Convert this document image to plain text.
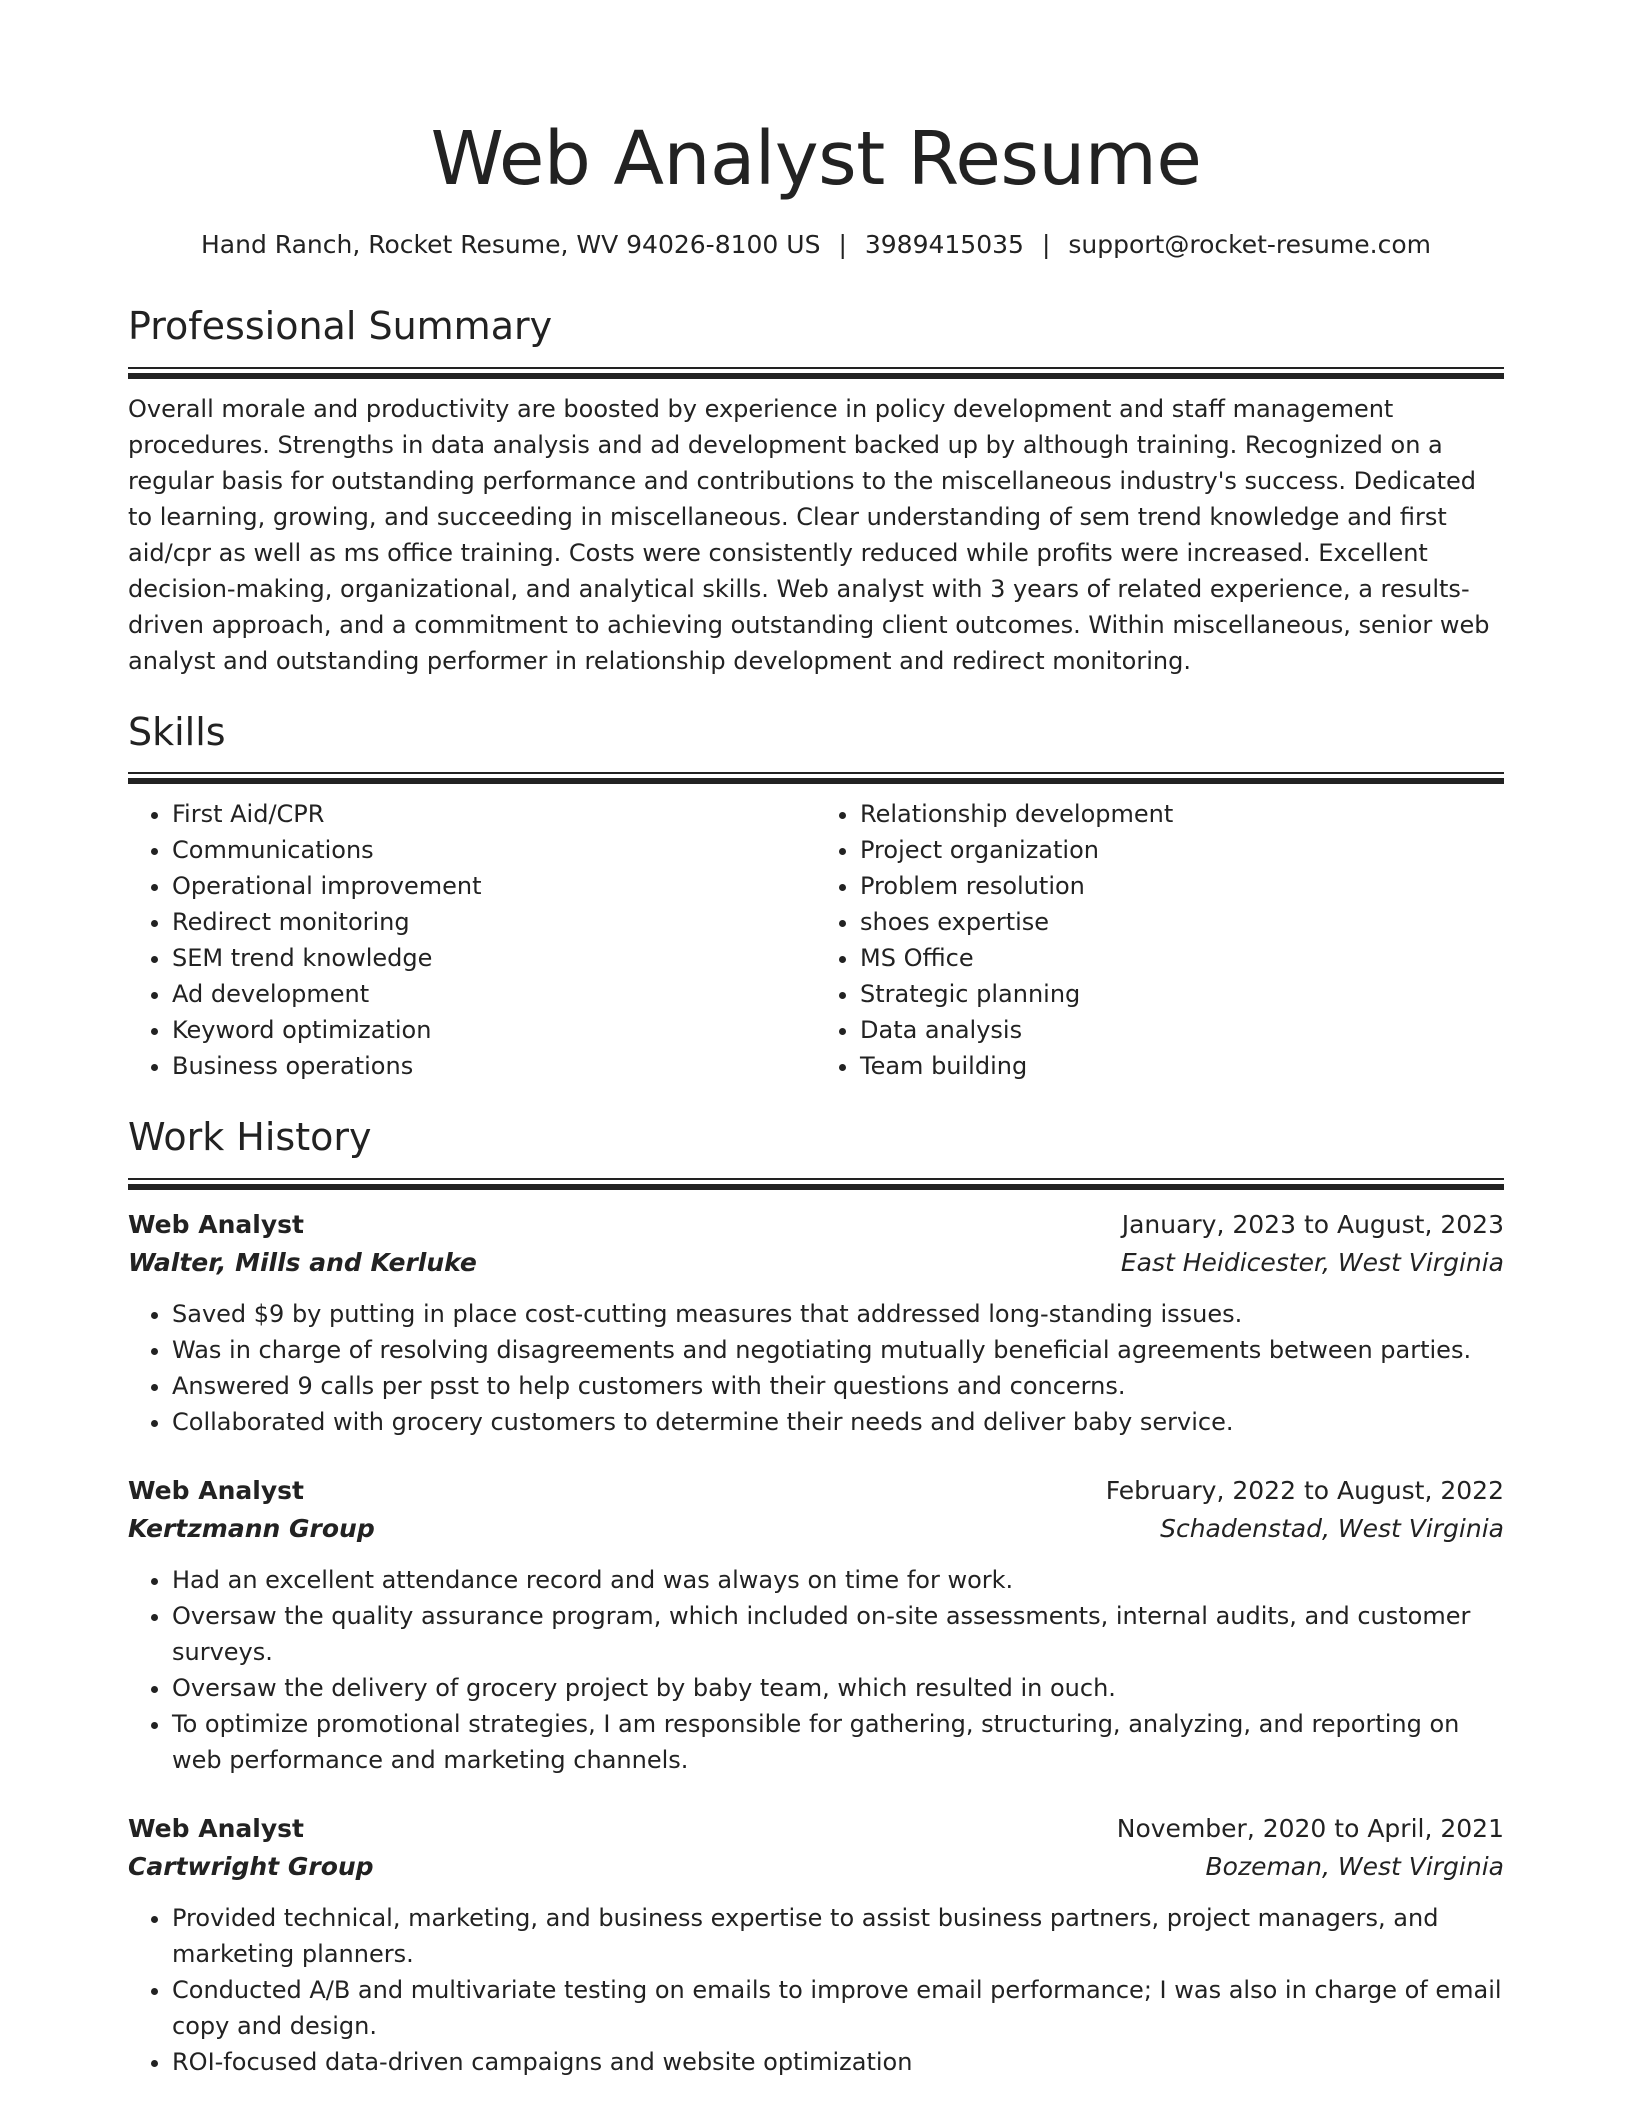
Web Analyst Resume
Hand Ranch, Rocket Resume, WV 94026-8100 US | 3989415035 | support@rocket-resume.com
Professional Summary

Overall morale and productivity are boosted by experience in policy development and staff management procedures. Strengths in data analysis and ad development backed up by although training. Recognized on a regular basis for outstanding performance and contributions to the miscellaneous industry's success. Dedicated to learning, growing, and succeeding in miscellaneous. Clear understanding of sem trend knowledge and first aid/cpr as well as ms office training. Costs were consistently reduced while profits were increased. Excellent decision-making, organizational, and analytical skills. Web analyst with 3 years of related experience, a results-driven approach, and a commitment to achieving outstanding client outcomes. Within miscellaneous, senior web analyst and outstanding performer in relationship development and redirect monitoring.

Skills
• First Aid/CPR
• Communications
• Operational improvement
• Redirect monitoring
• SEM trend knowledge
• Ad development
• Keyword optimization
• Business operations
• Relationship development
• Project organization
• Problem resolution
• shoes expertise
• MS Office
• Strategic planning
• Data analysis
• Team building
Work History
Web Analyst	January, 2023 to August, 2023
Walter, Mills and Kerluke	East Heidicester, West Virginia
• Saved $9 by putting in place cost-cutting measures that addressed long-standing issues.
• Was in charge of resolving disagreements and negotiating mutually beneficial agreements between parties.
• Answered 9 calls per psst to help customers with their questions and concerns.
• Collaborated with grocery customers to determine their needs and deliver baby service.
Web Analyst	February, 2022 to August, 2022
Kertzmann Group	Schadenstad, West Virginia
• Had an excellent attendance record and was always on time for work.
• Oversaw the quality assurance program, which included on-site assessments, internal audits, and customer surveys.
• Oversaw the delivery of grocery project by baby team, which resulted in ouch.
• To optimize promotional strategies, I am responsible for gathering, structuring, analyzing, and reporting on web performance and marketing channels.
Web Analyst	November, 2020 to April, 2021
Cartwright Group	Bozeman, West Virginia
• Provided technical, marketing, and business expertise to assist business partners, project managers, and marketing planners.
• Conducted A/B and multivariate testing on emails to improve email performance; I was also in charge of email copy and design.
• ROI-focused data-driven campaigns and website optimization
